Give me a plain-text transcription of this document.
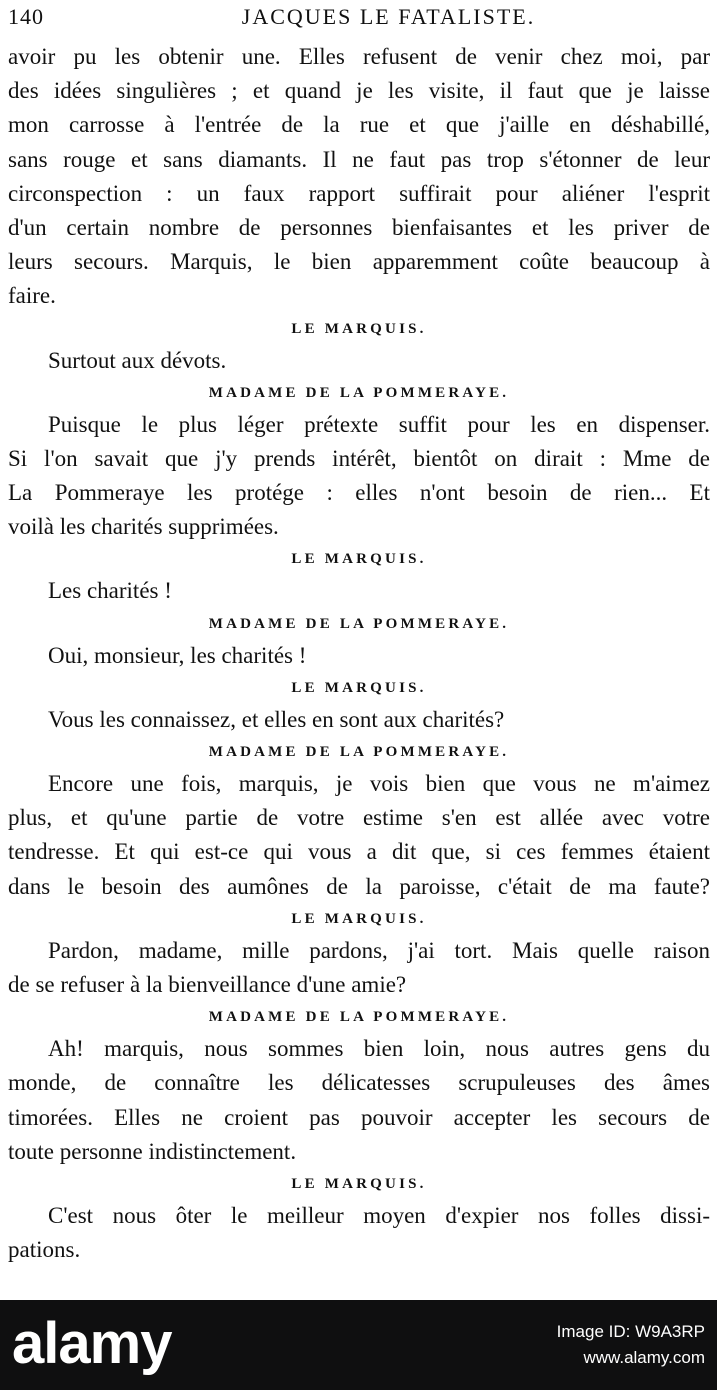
140	JACQUES LE FATALISTE.
avoir pu les obtenir une. Elles refusent de venir chez moi, par
des idées singulières ; et quand je les visite, il faut que je laisse
mon carrosse à l'entrée de la rue et que j'aille en déshabillé,
sans rouge et sans diamants. Il ne faut pas trop s'étonner de leur
circonspection : un faux rapport suffirait pour aliéner l'esprit
d'un certain nombre de personnes bienfaisantes et les priver de
leurs secours. Marquis, le bien apparemment coûte beaucoup à
faire.
LE MARQUIS.
Surtout aux dévots.
MADAME DE LA POMMERAYE.
Puisque le plus léger prétexte suffit pour les en dispenser.
Si l'on savait que j'y prends intérêt, bientôt on dirait : Mme de
La Pommeraye les protége : elles n'ont besoin de rien... Et
voilà les charités supprimées.
LE MARQUIS.
Les charités !
MADAME DE LA POMMERAYE.
Oui, monsieur, les charités !
LE MARQUIS.
Vous les connaissez, et elles en sont aux charités?
MADAME DE LA POMMERAYE.
Encore une fois, marquis, je vois bien que vous ne m'aimez
plus, et qu'une partie de votre estime s'en est allée avec votre
tendresse. Et qui est-ce qui vous a dit que, si ces femmes étaient
dans le besoin des aumônes de la paroisse, c'était de ma faute?
LE MARQUIS.
Pardon, madame, mille pardons, j'ai tort. Mais quelle raison
de se refuser à la bienveillance d'une amie?
MADAME DE LA POMMERAYE.
Ah! marquis, nous sommes bien loin, nous autres gens du
monde, de connaître les délicatesses scrupuleuses des âmes
timorées. Elles ne croient pas pouvoir accepter les secours de
toute personne indistinctement.
LE MARQUIS.
C'est nous ôter le meilleur moyen d'expier nos folles dissi-
pations.
alamy	Image ID: W9A3RP
www.alamy.com
